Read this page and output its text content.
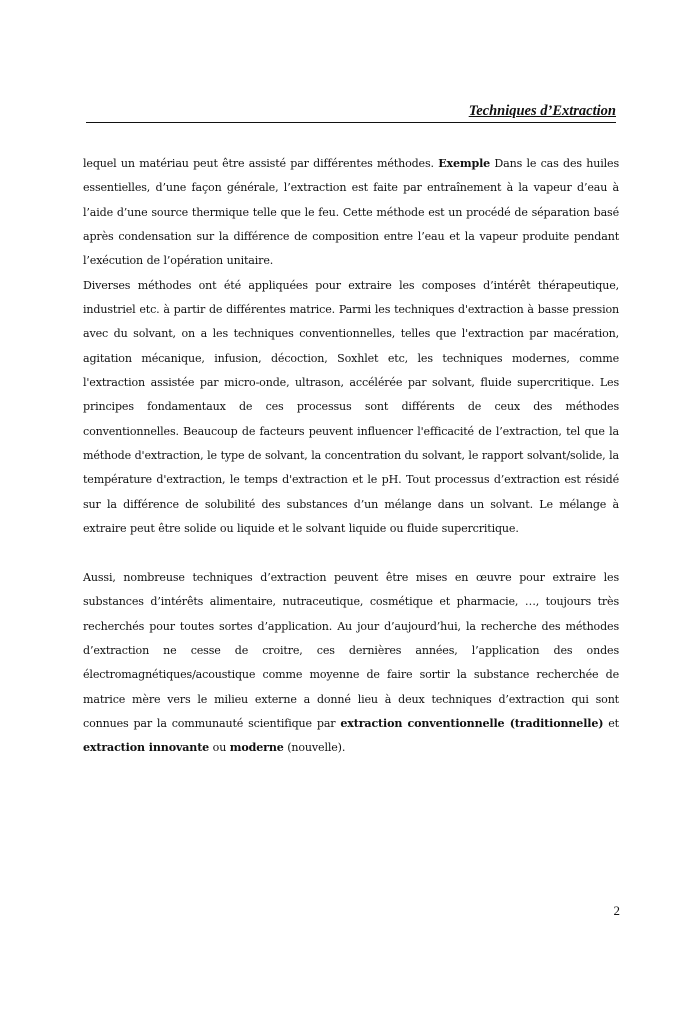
Techniques d’Extraction

lequel un matériau peut être assisté par différentes méthodes. Exemple Dans le cas des huiles essentielles, d’une façon générale, l’extraction est faite par entraînement à la vapeur d’eau à l’aide d’une source thermique telle que le feu. Cette méthode est un procédé de séparation basé après condensation sur la différence de composition entre l’eau et la vapeur produite pendant l’exécution de l’opération unitaire.

Diverses méthodes ont été appliquées pour extraire les composes d’intérêt thérapeutique, industriel etc. à partir de différentes matrice. Parmi les techniques d'extraction à basse pression avec du solvant, on a les techniques conventionnelles, telles que l'extraction par macération, agitation mécanique, infusion, décoction, Soxhlet etc, les techniques modernes, comme l'extraction assistée par micro-onde, ultrason, accélérée par solvant, fluide supercritique. Les principes fondamentaux de ces processus sont différents de ceux des méthodes conventionnelles. Beaucoup de facteurs peuvent influencer l'efficacité de l’extraction, tel que la méthode d'extraction, le type de solvant, la concentration du solvant, le rapport solvant/solide, la température d'extraction, le temps d'extraction et le pH. Tout processus d’extraction est résidé sur la différence de solubilité des substances d’un mélange dans un solvant. Le mélange à extraire peut être solide ou liquide et le solvant liquide ou fluide supercritique.

Aussi, nombreuse techniques d’extraction peuvent être mises en œuvre pour extraire les substances d’intérêts alimentaire, nutraceutique, cosmétique et pharmacie, …, toujours très recherchés pour toutes sortes d’application. Au jour d’aujourd’hui, la recherche des méthodes d’extraction ne cesse de croitre, ces dernières années, l’application des ondes électromagnétiques/acoustique comme moyenne de faire sortir la substance recherchée de matrice mère vers le milieu externe a donné lieu à deux techniques d’extraction qui sont connues par la communauté scientifique par extraction conventionnelle (traditionnelle) et extraction innovante ou moderne (nouvelle).

2
